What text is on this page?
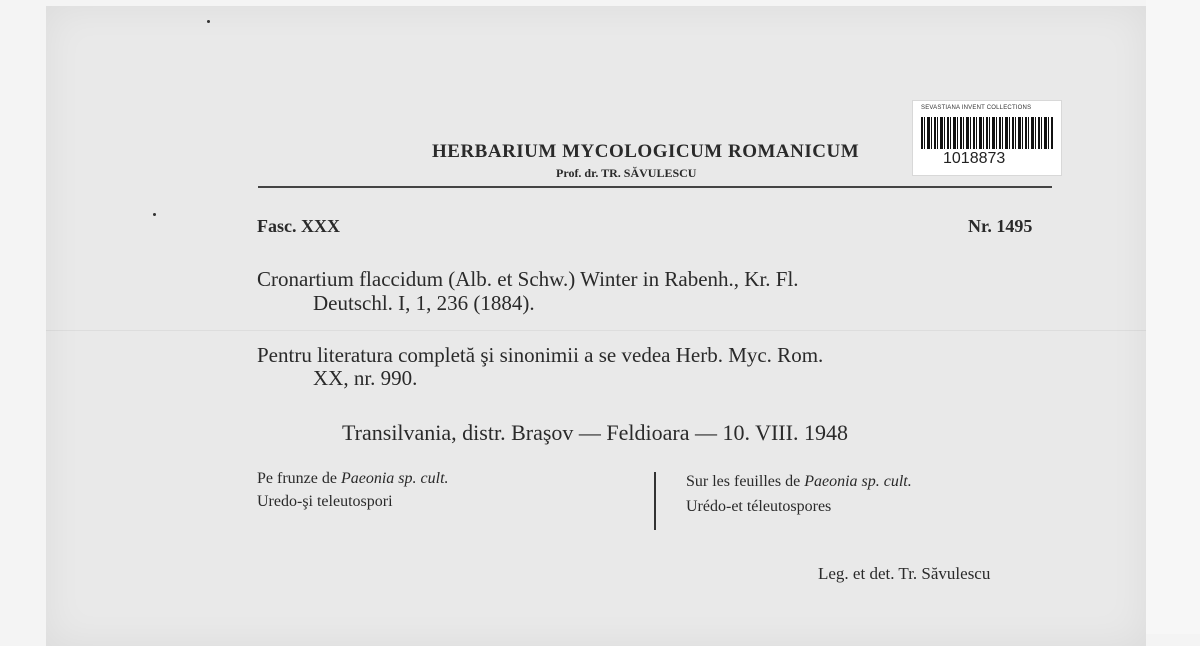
HERBARIUM MYCOLOGICUM ROMANICUM
Prof. dr. TR. SĂVULESCU
SEVASTIANA INVENT COLLECTIONS
1018873
Fasc. XXX	Nr. 1495
Cronartium flaccidum (Alb. et Schw.) Winter in Rabenh., Kr. Fl.
Deutschl. I, 1, 236 (1884).
Pentru literatura completă şi sinonimii a se vedea Herb. Myc. Rom.
XX, nr. 990.
Transilvania, distr. Braşov — Feldioara — 10. VIII. 1948
Pe frunze de Paeonia sp. cult.
Uredo-şi teleutospori
Sur les feuilles de Paeonia sp. cult.
Urédo-et téleutospores
Leg. et det. Tr. Săvulescu
